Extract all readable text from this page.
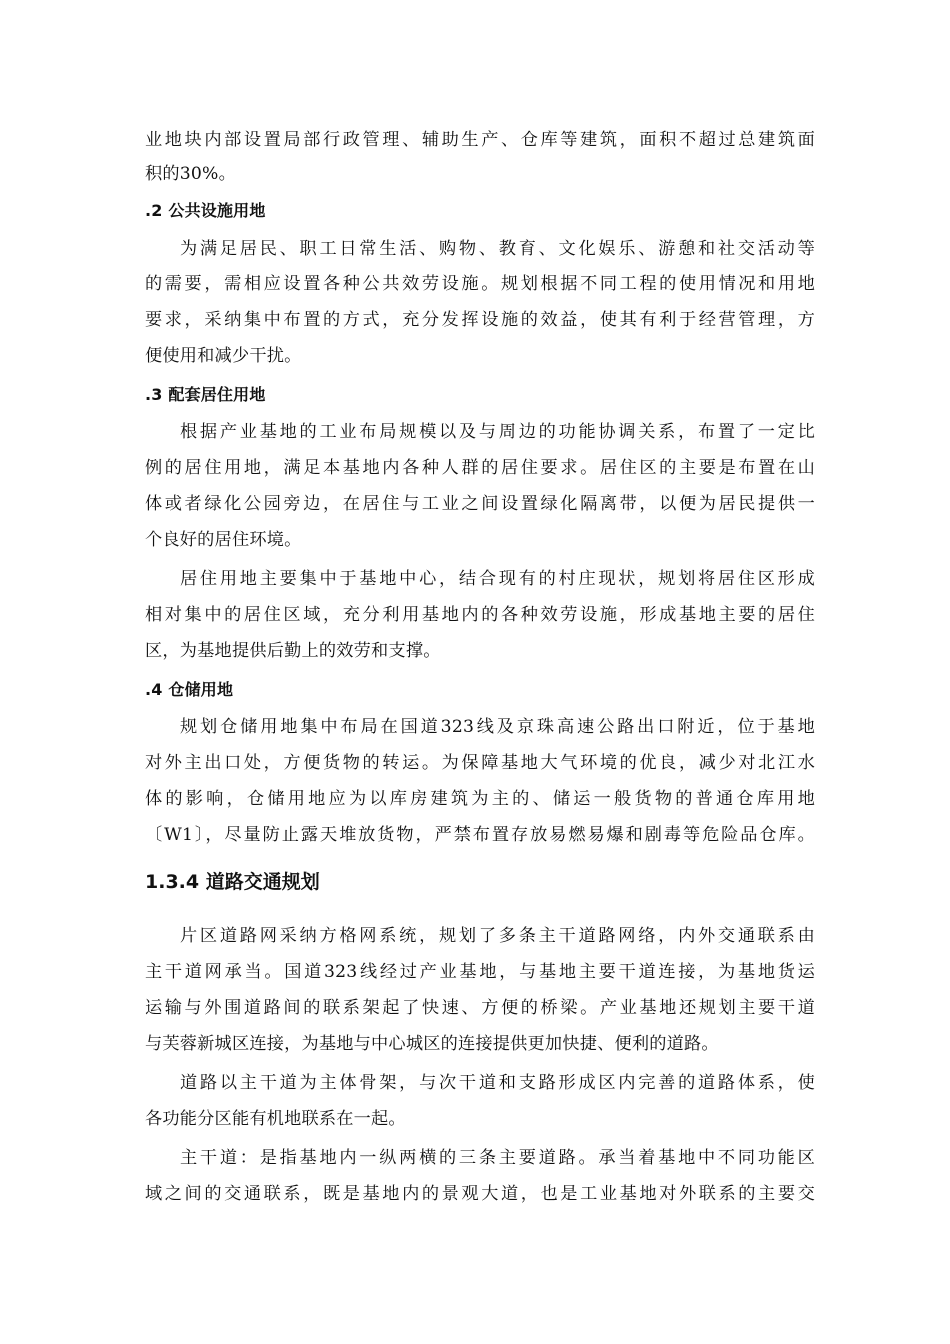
业地块内部设置局部行政管理、辅助生产、仓库等建筑，面积不超过总建筑面
积的30%。
.2 公共设施用地
为满足居民、职工日常生活、购物、教育、文化娱乐、游憩和社交活动等
的需要，需相应设置各种公共效劳设施。规划根据不同工程的使用情况和用地
要求，采纳集中布置的方式，充分发挥设施的效益，使其有利于经营管理，方
便使用和减少干扰。
.3 配套居住用地
根据产业基地的工业布局规模以及与周边的功能协调关系，布置了一定比
例的居住用地，满足本基地内各种人群的居住要求。居住区的主要是布置在山
体或者绿化公园旁边，在居住与工业之间设置绿化隔离带，以便为居民提供一
个良好的居住环境。
居住用地主要集中于基地中心，结合现有的村庄现状，规划将居住区形成
相对集中的居住区域，充分利用基地内的各种效劳设施，形成基地主要的居住
区，为基地提供后勤上的效劳和支撑。
.4 仓储用地
规划仓储用地集中布局在国道323线及京珠高速公路出口附近，位于基地
对外主出口处，方便货物的转运。为保障基地大气环境的优良，减少对北江水
体的影响，仓储用地应为以库房建筑为主的、储运一般货物的普通仓库用地
〔W1〕，尽量防止露天堆放货物，严禁布置存放易燃易爆和剧毒等危险品仓库。
1.3.4 道路交通规划
片区道路网采纳方格网系统，规划了多条主干道路网络，内外交通联系由
主干道网承当。国道323线经过产业基地，与基地主要干道连接，为基地货运
运输与外围道路间的联系架起了快速、方便的桥梁。产业基地还规划主要干道
与芙蓉新城区连接，为基地与中心城区的连接提供更加快捷、便利的道路。
道路以主干道为主体骨架，与次干道和支路形成区内完善的道路体系，使
各功能分区能有机地联系在一起。
主干道：是指基地内一纵两横的三条主要道路。承当着基地中不同功能区
域之间的交通联系，既是基地内的景观大道，也是工业基地对外联系的主要交
